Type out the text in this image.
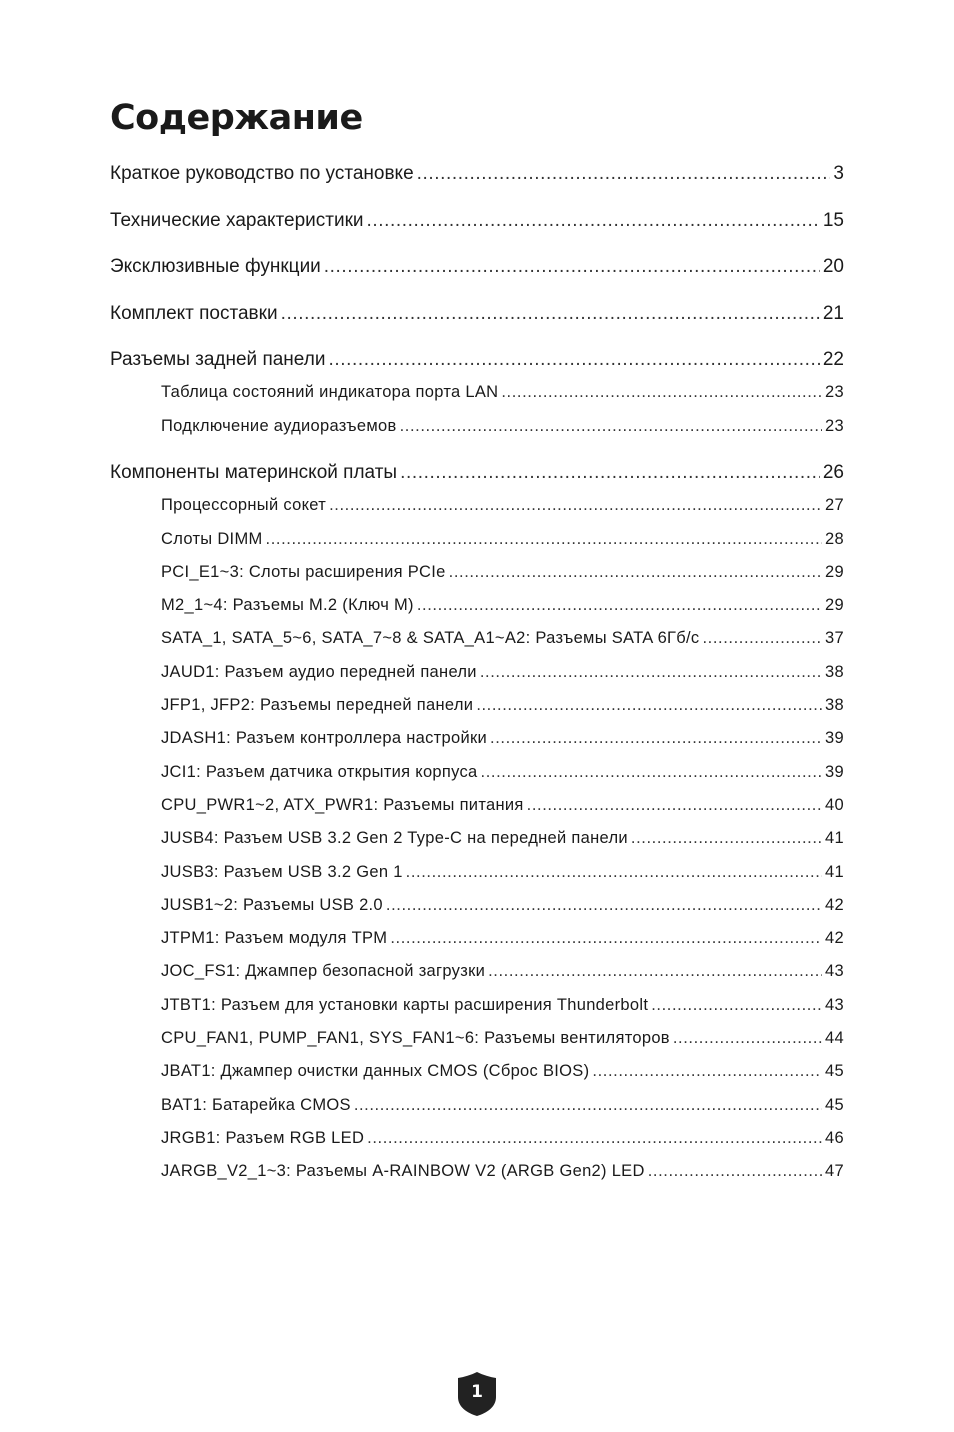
Содержание
Краткое руководство по установке .....	3
Технические характеристики .....	15
Эксклюзивные функции .....	20
Комплект поставки .....	21
Разъемы задней панели .....	22
Таблица состояний индикатора порта LAN .....	23
Подключение аудиоразъемов .....	23
Компоненты материнской платы .....	26
Процессорный сокет .....	27
Слоты DIMM .....	28
PCI_E1~3: Слоты расширения PCIe .....	29
M2_1~4: Разъемы M.2 (Ключ M) .....	29
SATA_1, SATA_5~6, SATA_7~8 & SATA_A1~A2: Разъемы SATA 6Гб/с .....	37
JAUD1: Разъем аудио передней панели .....	38
JFP1, JFP2: Разъемы передней панели .....	38
JDASH1: Разъем контроллера настройки .....	39
JCI1: Разъем датчика открытия корпуса .....	39
CPU_PWR1~2, ATX_PWR1: Разъемы питания .....	40
JUSB4: Разъем USB 3.2 Gen 2 Type-C на передней панели .....	41
JUSB3: Разъем USB 3.2 Gen 1 .....	41
JUSB1~2: Разъемы USB 2.0 .....	42
JTPM1: Разъем модуля TPM .....	42
JOC_FS1: Джампер безопасной загрузки .....	43
JTBT1: Разъем для установки карты расширения Thunderbolt .....	43
CPU_FAN1, PUMP_FAN1, SYS_FAN1~6: Разъемы вентиляторов .....	44
JBAT1: Джампер очистки данных CMOS (Сброс BIOS) .....	45
BAT1: Батарейка CMOS .....	45
JRGB1: Разъем RGB LED .....	46
JARGB_V2_1~3: Разъемы A-RAINBOW V2 (ARGB Gen2) LED .....	47
1
